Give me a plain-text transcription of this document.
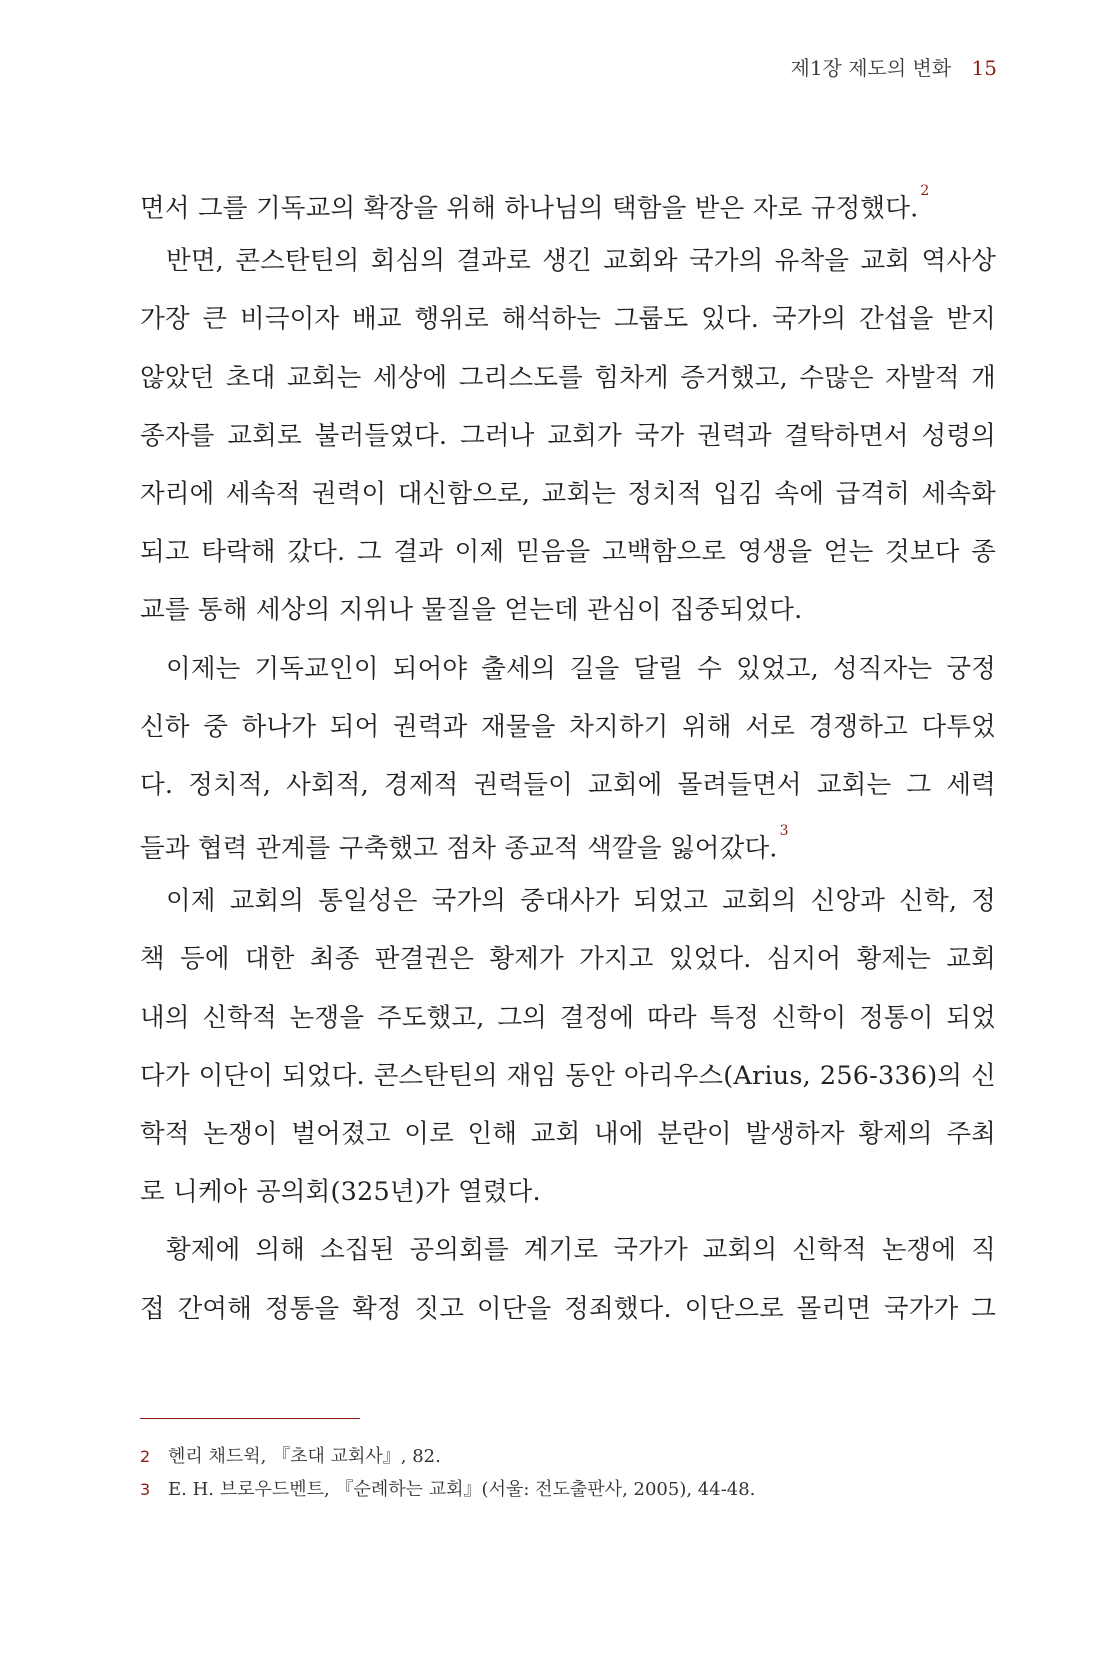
제1장 제도의 변화 15
면서 그를 기독교의 확장을 위해 하나님의 택함을 받은 자로 규정했다.$^2$
반면, 콘스탄틴의 회심의 결과로 생긴 교회와 국가의 유착을 교회 역사상
가장 큰 비극이자 배교 행위로 해석하는 그룹도 있다. 국가의 간섭을 받지
않았던 초대 교회는 세상에 그리스도를 힘차게 증거했고, 수많은 자발적 개
종자를 교회로 불러들였다. 그러나 교회가 국가 권력과 결탁하면서 성령의
자리에 세속적 권력이 대신함으로, 교회는 정치적 입김 속에 급격히 세속화
되고 타락해 갔다. 그 결과 이제 믿음을 고백함으로 영생을 얻는 것보다 종
교를 통해 세상의 지위나 물질을 얻는데 관심이 집중되었다.
이제는 기독교인이 되어야 출세의 길을 달릴 수 있었고, 성직자는 궁정
신하 중 하나가 되어 권력과 재물을 차지하기 위해 서로 경쟁하고 다투었
다. 정치적, 사회적, 경제적 권력들이 교회에 몰려들면서 교회는 그 세력
들과 협력 관계를 구축했고 점차 종교적 색깔을 잃어갔다.$^3$
이제 교회의 통일성은 국가의 중대사가 되었고 교회의 신앙과 신학, 정
책 등에 대한 최종 판결권은 황제가 가지고 있었다. 심지어 황제는 교회
내의 신학적 논쟁을 주도했고, 그의 결정에 따라 특정 신학이 정통이 되었
다가 이단이 되었다. 콘스탄틴의 재임 동안 아리우스(Arius, 256-336)의 신
학적 논쟁이 벌어졌고 이로 인해 교회 내에 분란이 발생하자 황제의 주최
로 니케아 공의회(325년)가 열렸다.
황제에 의해 소집된 공의회를 계기로 국가가 교회의 신학적 논쟁에 직
접 간여해 정통을 확정 짓고 이단을 정죄했다. 이단으로 몰리면 국가가 그
2 헨리 채드윅, 『초대 교회사』, 82.
3 E. H. 브로우드벤트, 『순례하는 교회』(서울: 전도출판사, 2005), 44-48.
